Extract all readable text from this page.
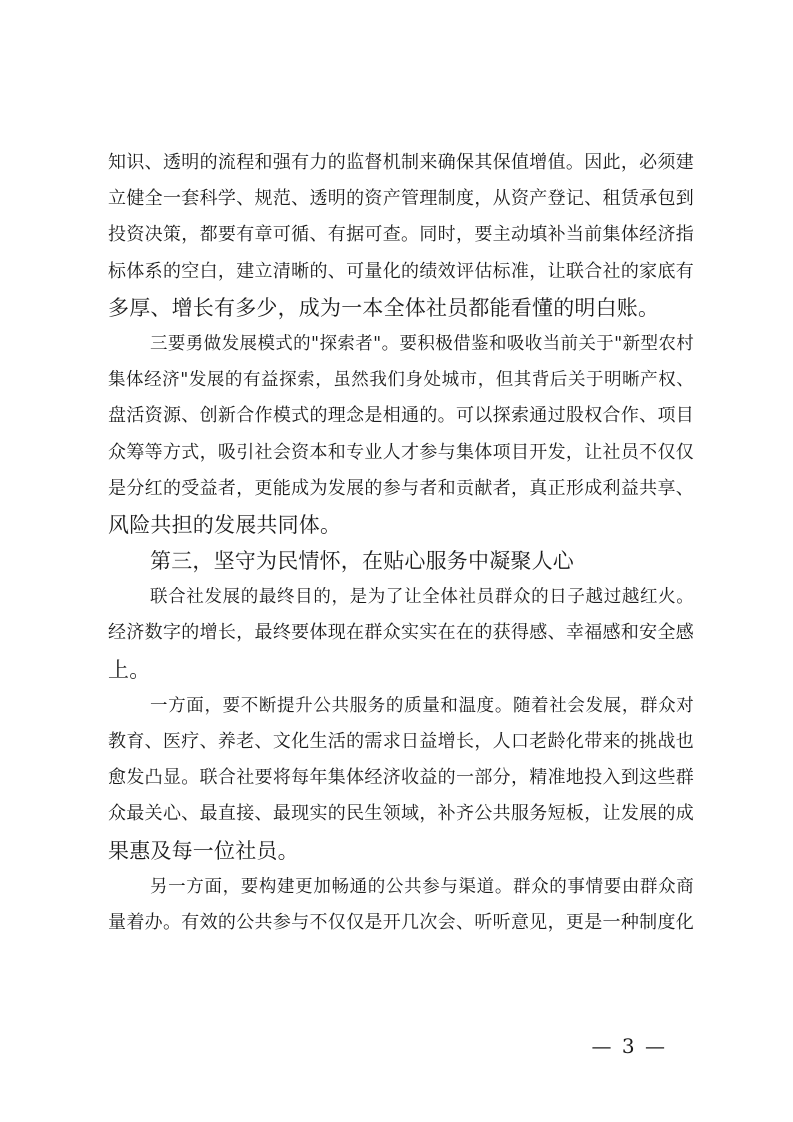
知识、透明的流程和强有力的监督机制来确保其保值增值。因此，必须建
立健全一套科学、规范、透明的资产管理制度，从资产登记、租赁承包到
投资决策，都要有章可循、有据可查。同时，要主动填补当前集体经济指
标体系的空白，建立清晰的、可量化的绩效评估标准，让联合社的家底有
多厚、增长有多少，成为一本全体社员都能看懂的明白账。
三要勇做发展模式的"探索者"。要积极借鉴和吸收当前关于"新型农村
集体经济"发展的有益探索，虽然我们身处城市，但其背后关于明晰产权、
盘活资源、创新合作模式的理念是相通的。可以探索通过股权合作、项目
众筹等方式，吸引社会资本和专业人才参与集体项目开发，让社员不仅仅
是分红的受益者，更能成为发展的参与者和贡献者，真正形成利益共享、
风险共担的发展共同体。
第三，坚守为民情怀，在贴心服务中凝聚人心
联合社发展的最终目的，是为了让全体社员群众的日子越过越红火。
经济数字的增长，最终要体现在群众实实在在的获得感、幸福感和安全感
上。
一方面，要不断提升公共服务的质量和温度。随着社会发展，群众对
教育、医疗、养老、文化生活的需求日益增长，人口老龄化带来的挑战也
愈发凸显。联合社要将每年集体经济收益的一部分，精准地投入到这些群
众最关心、最直接、最现实的民生领域，补齐公共服务短板，让发展的成
果惠及每一位社员。
另一方面，要构建更加畅通的公共参与渠道。群众的事情要由群众商
量着办。有效的公共参与不仅仅是开几次会、听听意见，更是一种制度化
— 3 —
